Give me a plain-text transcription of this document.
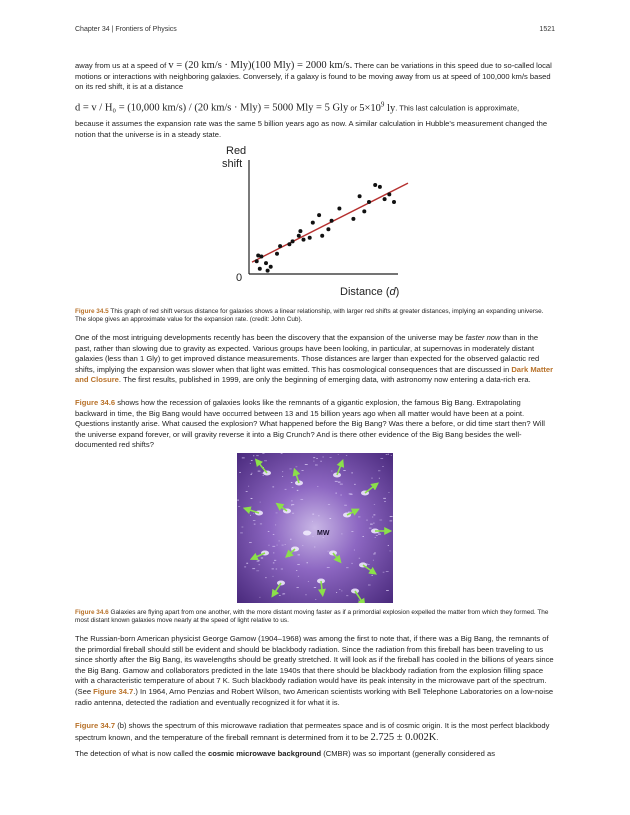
Chapter 34 | Frontiers of Physics	1521

away from us at a speed of v = (20 km/s · Mly)(100 Mly) = 2000 km/s. There can be variations in this speed due to so-called local motions or interactions with neighboring galaxies. Conversely, if a galaxy is found to be moving away from us at speed of 100,000 km/s based on its red shift, it is at a distance

d = v / H₀ = (10,000 km/s) / (20 km/s · Mly) = 5000 Mly = 5 Gly or $5\times 10^9$ ly. This last calculation is approximate,

because it assumes the expansion rate was the same 5 billion years ago as now. A similar calculation in Hubble's measurement changed the notion that the universe is in a steady state.

Red
shift
0
Distance (d)

Figure 34.5 This graph of red shift versus distance for galaxies shows a linear relationship, with larger red shifts at greater distances, implying an expanding universe. The slope gives an approximate value for the expansion rate. (credit: John Cub).

One of the most intriguing developments recently has been the discovery that the expansion of the universe may be faster now than in the past, rather than slowing due to gravity as expected. Various groups have been looking, in particular, at supernovas in moderately distant galaxies (less than 1 Gly) to get improved distance measurements. Those distances are larger than expected for the observed galactic red shifts, implying the expansion was slower when that light was emitted. This has cosmological consequences that are discussed in Dark Matter and Closure. The first results, published in 1999, are only the beginning of emerging data, with astronomy now entering a data-rich era.

Figure 34.6 shows how the recession of galaxies looks like the remnants of a gigantic explosion, the famous Big Bang. Extrapolating backward in time, the Big Bang would have occurred between 13 and 15 billion years ago when all matter would have been at a point. Questions instantly arise. What caused the explosion? What happened before the Big Bang? Was there a before, or did time start then? Will the universe expand forever, or will gravity reverse it into a Big Crunch? And is there other evidence of the Big Bang besides the well-documented red shifts?

MW

Figure 34.6 Galaxies are flying apart from one another, with the more distant moving faster as if a primordial explosion expelled the matter from which they formed. The most distant known galaxies move nearly at the speed of light relative to us.

The Russian-born American physicist George Gamow (1904–1968) was among the first to note that, if there was a Big Bang, the remnants of the primordial fireball should still be evident and should be blackbody radiation. Since the radiation from this fireball has been traveling to us since shortly after the Big Bang, its wavelengths should be greatly stretched. It will look as if the fireball has cooled in the billions of years since the Big Bang. Gamow and collaborators predicted in the late 1940s that there should be blackbody radiation from the explosion filling space with a characteristic temperature of about 7 K. Such blackbody radiation would have its peak intensity in the microwave part of the spectrum. (See Figure 34.7.) In 1964, Arno Penzias and Robert Wilson, two American scientists working with Bell Telephone Laboratories on a low-noise radio antenna, detected the radiation and eventually recognized it for what it is.

Figure 34.7 (b) shows the spectrum of this microwave radiation that permeates space and is of cosmic origin. It is the most perfect blackbody spectrum known, and the temperature of the fireball remnant is determined from it to be 2.725 ± 0.002K.

The detection of what is now called the cosmic microwave background (CMBR) was so important (generally considered as
